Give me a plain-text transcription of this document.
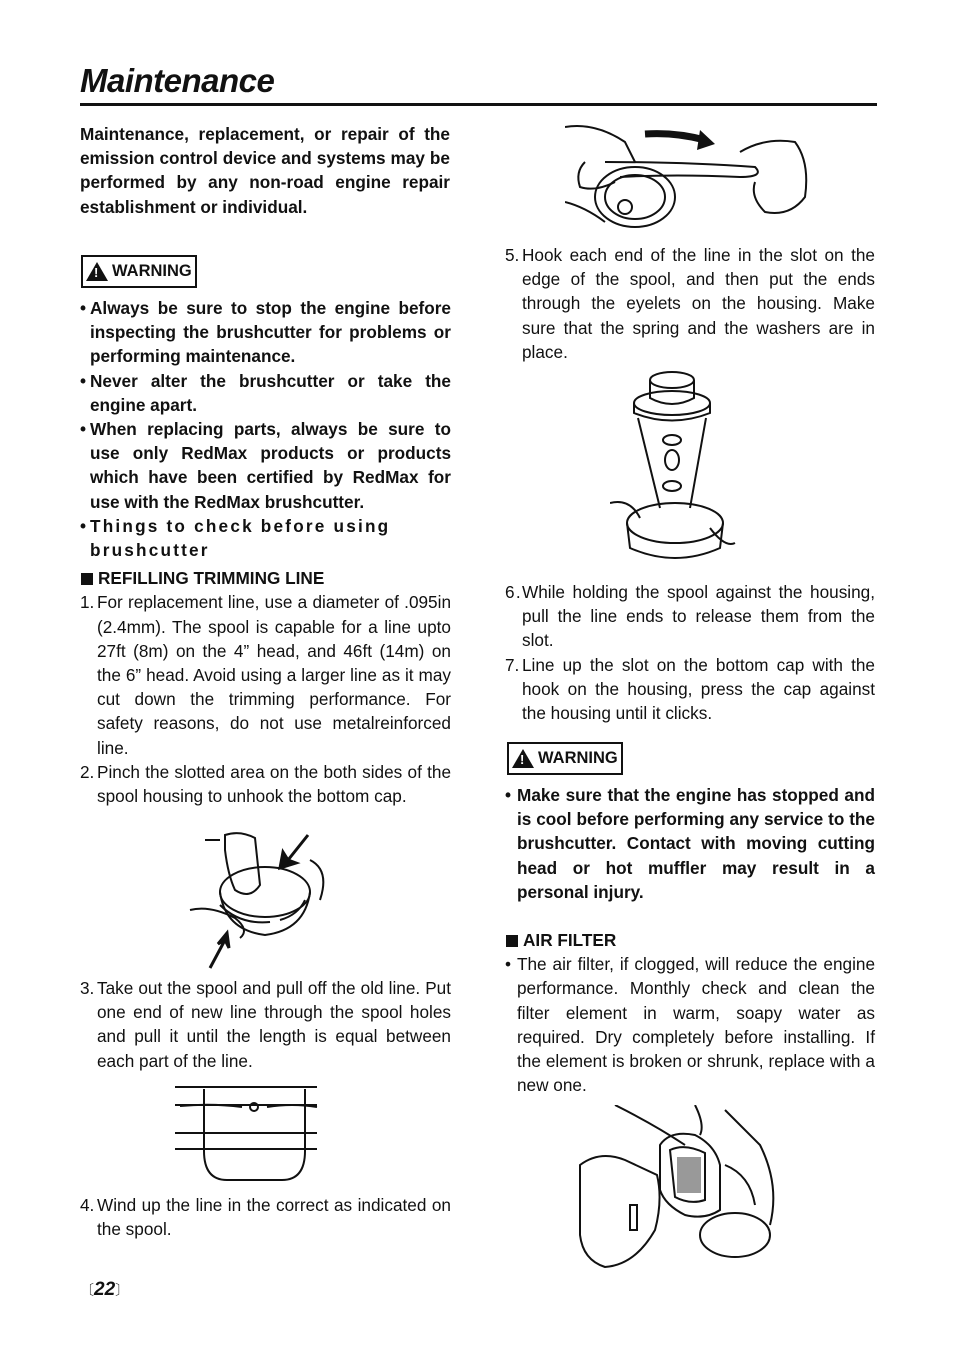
Maintenance
Maintenance, replacement, or repair of the emission control device and systems may be performed by any non-road engine repair establishment or individual.
!
WARNING
• Always be sure to stop the engine before inspecting the brushcutter for problems or performing maintenance.
• Never alter the brushcutter or take the engine apart.
• When replacing parts, always be sure to use only RedMax products or products which have been certified by RedMax for use with the RedMax brushcutter.
• Things to check before using brushcutter
REFILLING TRIMMING LINE
1. For replacement line, use a diameter of .095in (2.4mm). The spool is capable for a line upto 27ft (8m) on the 4” head, and 46ft (14m) on the 6” head. Avoid using a larger line as it may cut down the trimming performance. For safety reasons, do not use metalreinforced line.
2. Pinch the slotted area on the both sides of the spool housing to unhook the bottom cap.
3. Take out the spool and pull off the old line. Put one end of new line through the spool holes and pull it until the length is equal between each part of the line.
4. Wind up the line in the correct as indicated on the spool.
〔22〕
5. Hook each end of the line in the slot on the edge of the spool, and then put the ends through the eyelets on the housing. Make sure that the spring and the washers are in place.
6. While holding the spool against the housing, pull the line ends to release them from the slot.
7. Line up the slot on the bottom cap with the hook on the housing, press the cap against the housing until it clicks.
!
WARNING
• Make sure that the engine has stopped and is cool before performing any service to the brushcutter. Contact with moving cutting head or hot muffler may result in a personal injury.
AIR FILTER
• The air filter, if clogged, will reduce the engine performance. Monthly check and clean the filter element in warm, soapy water as required. Dry completely before installing. If the element is broken or shrunk, replace with a new one.
